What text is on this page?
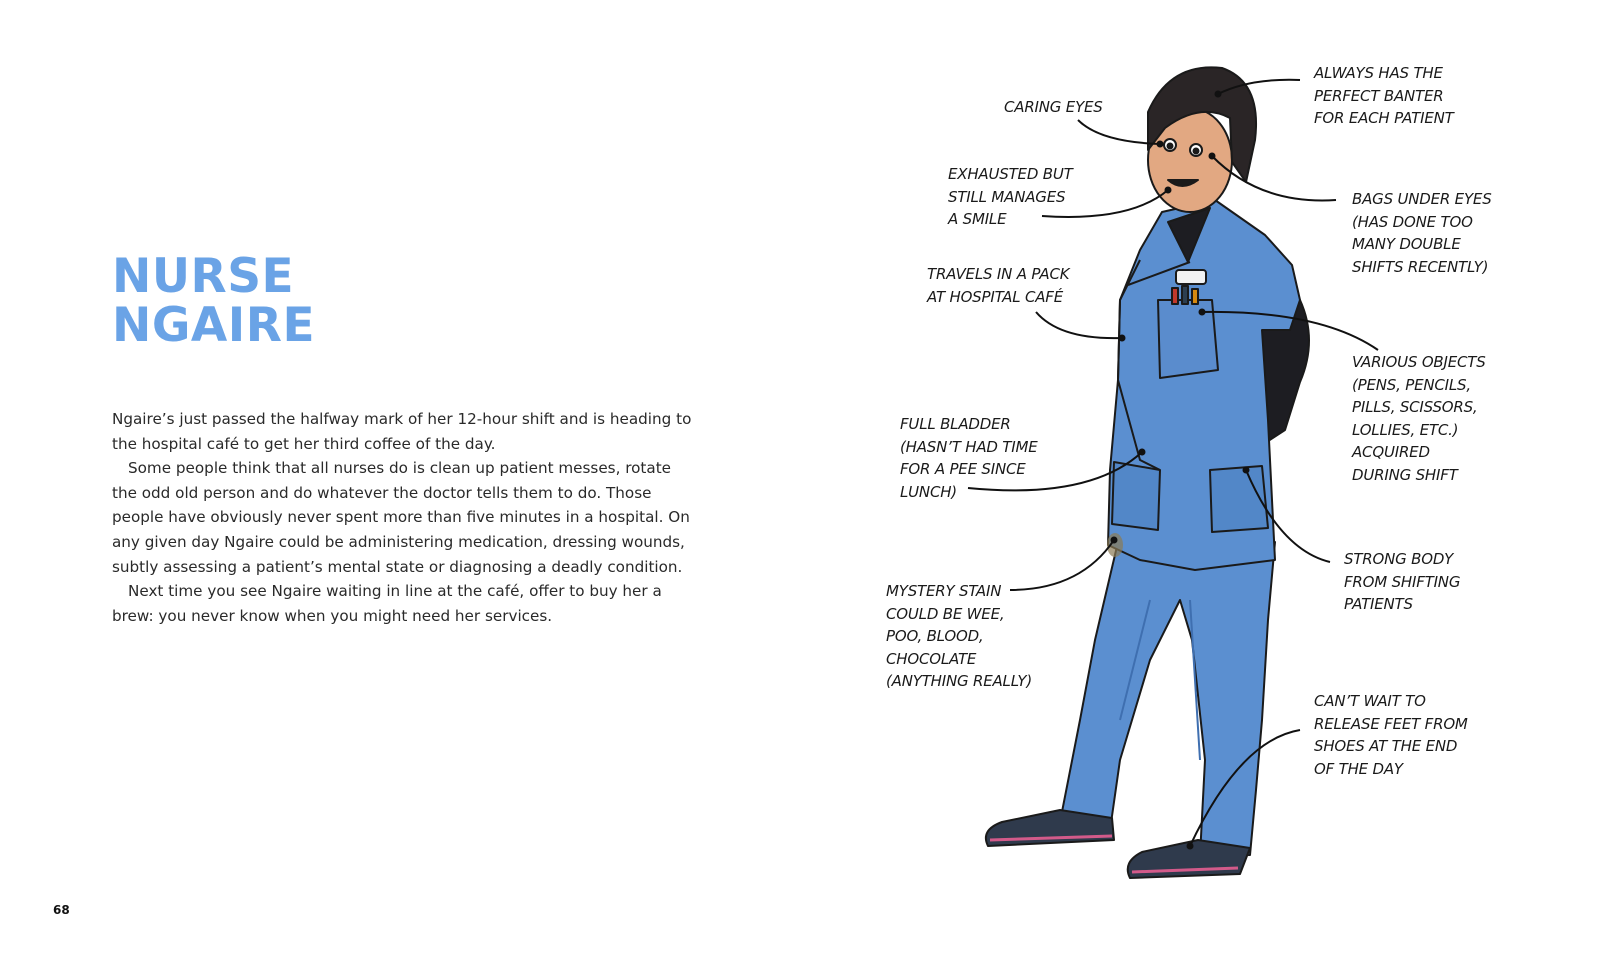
NURSE
NGAIRE

Ngaire’s just passed the halfway mark of her 12-hour shift and is heading to the hospital café to get her third coffee of the day.

Some people think that all nurses do is clean up patient messes, rotate the odd old person and do whatever the doctor tells them to do. Those people have obviously never spent more than five minutes in a hospital. On any given day Ngaire could be administering medication, dressing wounds, subtly assessing a patient’s mental state or diagnosing a deadly condition.

Next time you see Ngaire waiting in line at the café, offer to buy her a brew: you never know when you might need her services.

68
CARING EYES
ALWAYS HAS THE
PERFECT BANTER
FOR EACH PATIENT
EXHAUSTED BUT
STILL MANAGES
A SMILE
BAGS UNDER EYES
(HAS DONE TOO
MANY DOUBLE
SHIFTS RECENTLY)
TRAVELS IN A PACK
AT HOSPITAL CAFÉ
VARIOUS OBJECTS
(PENS, PENCILS,
PILLS, SCISSORS,
LOLLIES, ETC.)
ACQUIRED
DURING SHIFT
FULL BLADDER
(HASN’T HAD TIME
FOR A PEE SINCE
LUNCH)
STRONG BODY
FROM SHIFTING
PATIENTS
MYSTERY STAIN
COULD BE WEE,
POO, BLOOD,
CHOCOLATE
(ANYTHING REALLY)
CAN’T WAIT TO
RELEASE FEET FROM
SHOES AT THE END
OF THE DAY
